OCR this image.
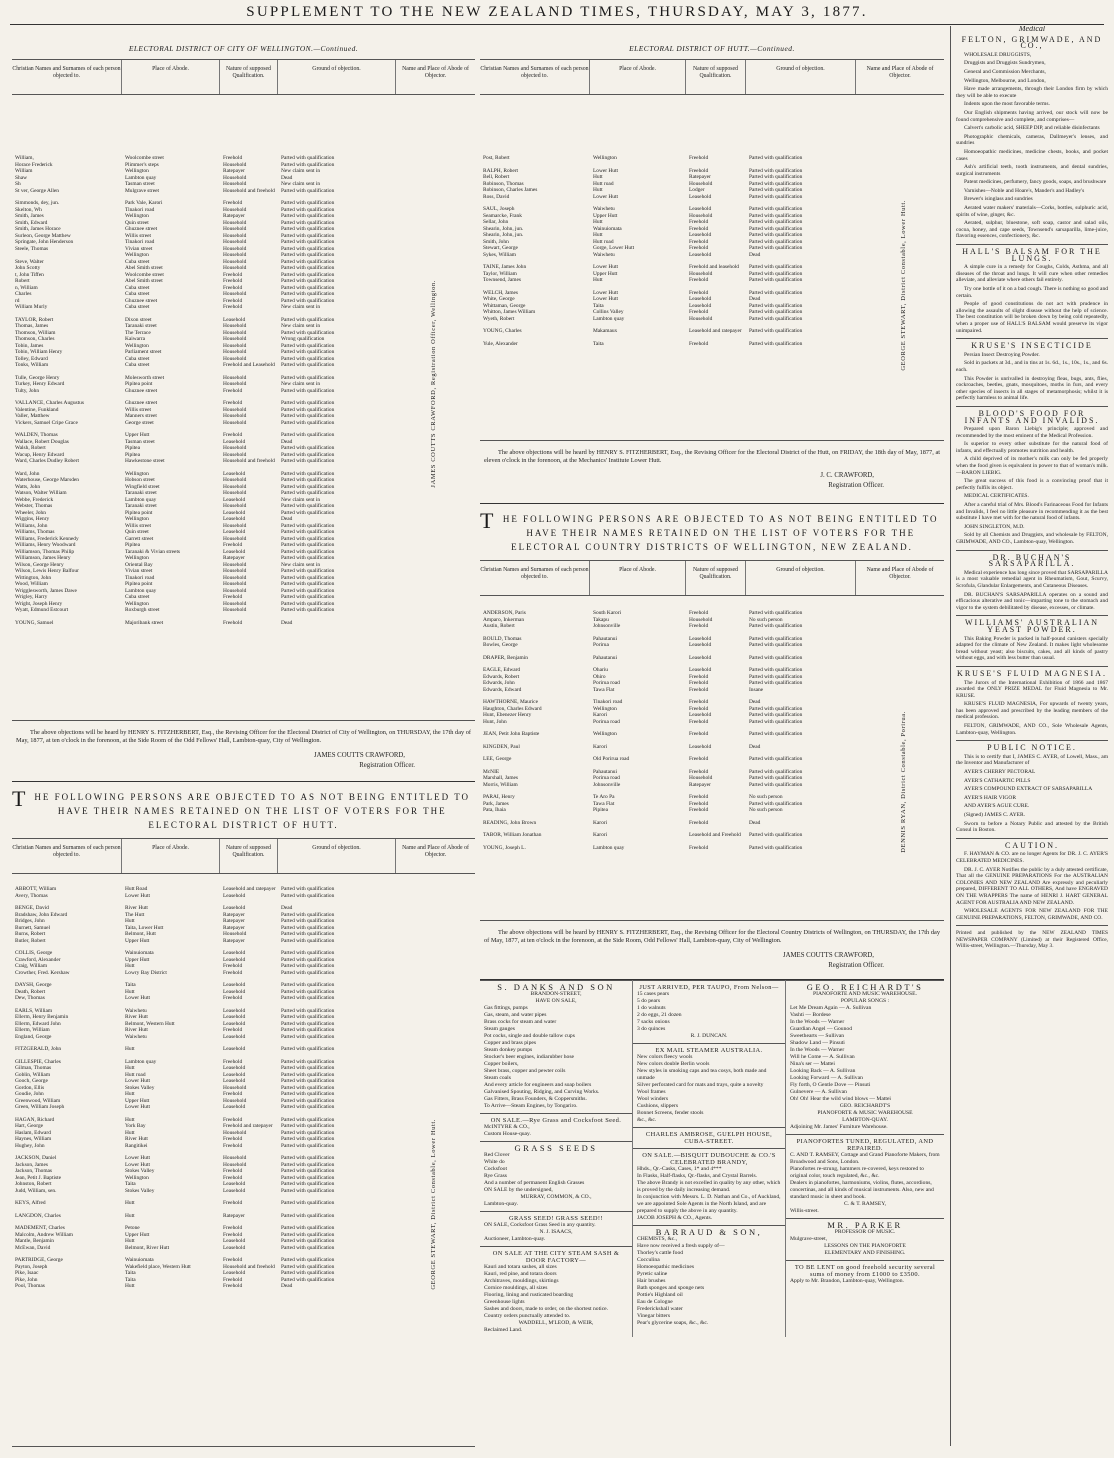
SUPPLEMENT TO THE NEW ZEALAND TIMES, THURSDAY, MAY 3, 1877.
ELECTORAL DISTRICT OF CITY OF WELLINGTON.—Continued.
Christian Names and Surnames of each person objected to.
Place of Abode.	Nature of supposed Qualification.
Ground of objection.	Name and Place of Abode of Objector.
William,	Woolcombe street	Freehold	Parted with qualification
Horace Frederick	Plimmer's steps	Household	Parted with qualification
William	Wellington	Ratepayer	New claim sent in
Shaw	Lambton quay	Household	Dead
Sh	Tasman street	Household	New claim sent in
St ver, George Allen	Mulgrave street	Household and freehold	Parted with qualification
Simmonds, dey, jun.	Park Vale, Karori	Freehold	Parted with qualification
Skelton, Wh	Tinakori road	Household	Parted with qualification
Smith, James	Wellington	Ratepayer	Parted with qualification
Smith, Edward	Quin street	Household	Parted with qualification
Smith, James Horace	Ghuznee street	Household	Parted with qualification
Surleon, George Matthew	Willis street	Household	Parted with qualification
Springate, John Henderson	Tinakori road	Household	Parted with qualification
Steele, Thomas	Vivian street	Household	Parted with qualification
Wellington	Household	Parted with qualification
Steve, Walter	Cuba street	Household	Parted with qualification
John Scotty	Abel Smith street	Household	Parted with qualification
t, John Tiffen	Woolcombe street	Freehold	Parted with qualification
Robert	Abel Smith street	Freehold	Parted with qualification
n, William	Cuba street	Freehold	Parted with qualification
Charles	Cuba street	Household	Parted with qualification
rd	Ghuznee street	Freehold	Parted with qualification
William Murly	Cuba street	Freehold	New claim sent in
TAYLOR, Robert	Dixon street	Leasehold	Parted with qualification
Thomas, James	Taranaki street	Household	New claim sent in
Thomson, William	The Terrace	Household	Parted with qualification
Thomson, Charles	Kaiwarra	Household	Wrong qualification
Tobin, James	Wellington	Household	Parted with qualification
Tobin, William Henry	Parliament street	Household	Parted with qualification
Tolley, Edward	Cuba street	Household	Parted with qualification
Tonks, William	Cuba street	Freehold and Leasehold	Parted with qualification
Tulle, George Henry	Molesworth street	Household	Parted with qualification
Turkey, Henry Edward	Pipitea point	Household	New claim sent in
Tulty, John	Ghuznee street	Freehold	Parted with qualification
VALLANCE, Charles Augustus	Ghuznee street	Freehold	Parted with qualification
Valentine, Funkland	Willis street	Household	Parted with qualification
Valler, Matthew	Manners street	Household	Parted with qualification
Vickers, Samuel Cripe Grace	George street	Household	Parted with qualification
WALDEN, Thomas	Upper Hutt	Freehold	Parted with qualification
Wallace, Robert Douglas	Tasman street	Leasehold	Dead
Walsh, Robert	Pipitea	Household	Parted with qualification
Wacup, Henry Edward	Pipitea	Household	Parted with qualification
Ward, Charles Dudley Robert	Hawkestone street	Household and freehold	Parted with qualification
Ward, John	Wellington	Leasehold	Parted with qualification
Waterhouse, George Marsden	Hobson street	Household	Parted with qualification
Watts, John	Wingfield street	Household	Parted with qualification
Watson, Walter William	Taranaki street	Household	Parted with qualification
Webbe, Frederick	Lambton quay	Leasehold	New claim sent in
Webster, Thomas	Taranaki street	Household	Parted with qualification
Wheeler, John	Pipitea point	Leasehold	Parted with qualification
Wiggins, Henry	Wellington	Leasehold	Dead
Williams, John	Willis street	Household	Parted with qualification
Williams, Thomas	Quin street	Leasehold	Parted with qualification
Williams, Frederick Kennedy	Garrett street	Household	Parted with qualification
Williams, Henry Woodward	Pipitea	Freehold	Parted with qualification
Williamson, Thomas Philip	Taranaki & Vivian streets	Leasehold	Parted with qualification
Williamson, James Henry	Wellington	Ratepayer	Parted with qualification
Wilson, George Henry	Oriental Bay	Household	New claim sent in
Wilson, Lewis Henry Balfour	Vivian street	Household	Parted with qualification
Wittington, John	Tinakori road	Household	Parted with qualification
Wood, William	Pipitea point	Household	Parted with qualification
Wrigglesworth, James Dawe	Lambton quay	Household	Parted with qualification
Wrigley, Harry	Cuba street	Freehold	Parted with qualification
Wright, Joseph Henry	Wellington	Household	Parted with qualification
Wyatt, Edmund Estcourt	Roxburgh street	Household	Parted with qualification
YOUNG, Samuel	Majoribank street	Freehold	Dead
JAMES COUTTS CRAWFORD, Registration Officer, Wellington.
The above objections will be heard by HENRY S. FITZHERBERT, Esq., the Revising Officer for the Electoral District of City of Wellington, on THURSDAY, the 17th day of May, 1877, at ten o'clock in the forenoon, at the Side Room of the Odd Fellows' Hall, Lambton-quay, City of Wellington.
JAMES COUTTS CRAWFORD,
Registration Officer.
T HE FOLLOWING PERSONS ARE OBJECTED TO AS NOT BEING ENTITLED TO HAVE THEIR NAMES RETAINED ON THE LIST OF VOTERS FOR THE ELECTORAL DISTRICT OF HUTT.
Christian Names and Surnames of each person objected to.
Place of Abode.	Nature of supposed Qualification.
Ground of objection.	Name and Place of Abode of Objector.
ABBOTT, William	Hutt Road	Leasehold and ratepayer Parted with qualification
Avery, Thomas	Lower Hutt	Leasehold	Parted with qualification
BENGE, David	River Hutt	Leasehold	Dead
Bradshaw, John Edward	The Hutt	Ratepayer	Parted with qualification
Bridges, John	Hutt	Ratepayer	Parted with qualification
Burnett, Samuel	Taita, Lower Hutt	Ratepayer	Parted with qualification
Burns, Robert	Belmont, Hutt	Household	Parted with qualification
Butler, Robert	Upper Hutt	Ratepayer	Parted with qualification
COLLIS, George	Wainuiomata	Leasehold	Parted with qualification
Crawford, Alexander	Upper Hutt	Leasehold	Parted with qualification
Craig, William	Hutt	Freehold	Parted with qualification
Crowther, Fred. Kershaw	Lowry Bay District	Freehold	Parted with qualification
DAYSH, George	Taita	Leasehold	Parted with qualification
Death, Robert	Hutt	Leasehold	Parted with qualification
Dew, Thomas	Lower Hutt	Freehold	Parted with qualification
EARLS, William	Waiwhetu	Leasehold	Parted with qualification
Ellerm, Henry Benjamin	River Hutt	Leasehold	Parted with qualification
Ellerm, Edward John	Belmont, Western Hutt	Leasehold	Parted with qualification
Ellerm, William	River Hutt	Freehold	Parted with qualification
England, George	Waiwhetu	Leasehold	Parted with qualification
FITZGERALD, John	Hutt	Leasehold	Parted with qualification
GILLESPIE, Charles	Lambton quay	Freehold	Parted with qualification
Gilman, Thomas	Hutt	Leasehold	Parted with qualification
Goblin, William	Hutt road	Leasehold	Parted with qualification
Gooch, George	Lower Hutt	Leasehold	Parted with qualification
Gordon, Ellis	Stokes Valley	Household	Parted with qualification
Goudie, John	Hutt	Freehold	Parted with qualification
Greenwood, William	Upper Hutt	Household	Parted with qualification
Green, William Joseph	Lower Hutt	Leasehold	Parted with qualification
HAGAN, Richard	Hutt	Freehold	Parted with qualification
Hart, George	York Bay	Freehold and ratepayer	Parted with qualification
Haslam, Edward	Hutt	Household	Parted with qualification
Haynes, William	River Hutt	Freehold	Parted with qualification
Hughey, John	Rangitikei	Freehold	Parted with qualification
JACKSON, Daniel	Lower Hutt	Household	Parted with qualification
Jackson, James	Lower Hutt	Household	Parted with qualification
Jackson, Thomas	Stokes Valley	Freehold	Parted with qualification
Jean, Petit J. Baptiste	Wellington	Freehold	Parted with qualification
Johnston, Robert	Taita	Leasehold	Parted with qualification
Judd, William, sen.	Stokes Valley	Leasehold	Parted with qualification
KEYS, Alfred	Hutt	Freehold	Parted with qualification
LANGDON, Charles	Hutt	Ratepayer	Parted with qualification
MADEMENT, Charles	Petone	Freehold	Parted with qualification
Malcolm, Andrew William	Upper Hutt	Freehold	Parted with qualification
Mantle, Benjamin	Hutt	Leasehold	Parted with qualification
McEwan, David	Belmont, River Hutt	Leasehold	Parted with qualification
PARTRIDGE, George	Wainuiomata	Freehold	Parted with qualification
Payton, Joseph	Wakefield place, Western Hutt	Household and freehold	Parted with qualification
Pike, Isaac	Taita	Leasehold	Parted with qualification
Pike, John	Taita	Freehold	Parted with qualification
Pool, Thomas	Hutt	Freehold	Dead	GEORGE STEWART, District Constable, Lower Hutt.
ELECTORAL DISTRICT OF HUTT.—Continued.
Christian Names and Surnames of each person objected to.
Place of Abode.	Nature of supposed Qualification.
Ground of objection.	Name and Place of Abode of Objector.
Post, Robert	Wellington	Freehold	Parted with qualification
RALPH, Robert	Lower Hutt	Freehold	Parted with qualification
Bell, Robert	Hutt	Ratepayer	Parted with qualification
Robinson, Thomas	Hutt road	Household	Parted with qualification
Robinson, Charles James	Hutt	Lodger	Parted with qualification
Ross, David	Lower Hutt	Leasehold	Parted with qualification
SAUL, Joseph	Waiwhetu	Leasehold	Parted with qualification
Seamarcke, Frank	Upper Hutt	Household	Parted with qualification
Sellar, John	Hutt	Freehold	Parted with qualification
Shearin, John, jun.	Wainuiomata	Freehold	Parted with qualification
Shearin, John, jun.	Hutt	Leasehold	Parted with qualification
Smith, John	Hutt road	Freehold	Parted with qualification
Stewart, George	Gorge, Lower Hutt	Freehold	Parted with qualification
Sykes, William	Waiwhetu	Leasehold	Dead
TAINE, James John	Lower Hutt	Freehold and leasehold	Parted with qualification
Taylor, William	Upper Hutt	Household	Parted with qualification
Townsend, James	Hutt	Freehold	Parted with qualification
WELCH, James	Lower Hutt	Freehold	Parted with qualification
White, George	Lower Hutt	Leasehold	Dead
Whittaman, George	Taita	Leasehold	Parted with qualification
Whitton, James William	Collins Valley	Freehold	Parted with qualification
Wyeth, Robert	Lambton quay	Household	Parted with qualification
YOUNG, Charles	Makamaux	Leasehold and ratepayer	Parted with qualification
Yule, Alexander	Taita	Freehold	Parted with qualification	GEORGE STEWART, District Constable, Lower Hutt.
The above objections will be heard by HENRY S. FITZHERBERT, Esq., the Revising Officer for the Electoral District of the Hutt, on FRIDAY, the 18th day of May, 1877, at eleven o'clock in the forenoon, at the Mechanics' Institute Lower Hutt.
J. C. CRAWFORD,
Registration Officer.
T HE FOLLOWING PERSONS ARE OBJECTED TO AS NOT BEING ENTITLED TO HAVE THEIR NAMES RETAINED ON THE LIST OF VOTERS FOR THE ELECTORAL COUNTRY DISTRICTS OF WELLINGTON, NEW ZEALAND.
Christian Names and Surnames of each person objected to.
Place of Abode.	Nature of supposed Qualification.
Ground of objection.	Name and Place of Abode of Objector.
ANDERSON, Paris	South Karori	Freehold	Parted with qualification
Amparo, Inkerman	Takapu	Household	No such person
Austin, Robert	Johnsonville	Freehold	Parted with qualification
BOULD, Thomas	Pahautanui	Leasehold	Parted with qualification
Bowles, George	Porirua	Leasehold	Parted with qualification
DRAPER, Benjamin	Pahautanui	Leasehold	Parted with qualification
EAGLE, Edward	Ohariu	Leasehold	Parted with qualification
Edwards, Robert	Ohiro	Freehold	Parted with qualification
Edwards, John	Porirua road	Freehold	Parted with qualification
Edwards, Edward	Tawa Flat	Freehold	Insane
HAWTHORNE, Maurice	Tinakori road	Freehold	Dead
Haughton, Charles Edward	Wellington	Freehold	Parted with qualification
Hunt, Ebenezer Henry	Karori	Leasehold	Parted with qualification
Hunt, John	Porirua road	Freehold	Parted with qualification
JEAN, Petit John Baptiste	Wellington	Freehold	Parted with qualification
KINGDEN, Paul	Karori	Leasehold	Dead
LEE, George	Old Porirua road	Freehold	Parted with qualification
McNIE	Pahautanui	Freehold	Parted with qualification
Marshall, James	Porirua road	Household	Parted with qualification
Morris, William	Johnsonville	Ratepayer	Parted with qualification
PARAI, Henry	Te Aro Pa	Freehold	No such person
Park, James	Tawa Flat	Freehold	Parted with qualification
Pata, Ihaia	Pipitea	Freehold	No such person
READING, John Brown	Karori	Freehold	Dead
TABOR, William Jonathan	Karori	Leasehold and Freehold	Parted with qualification
YOUNG, Joseph L.	Lambton quay	Freehold	Parted with qualification	DENNIS RYAN, District Constable, Porirua.
The above objections will be heard by HENRY S. FITZHERBERT, Esq., the Revising Officer for the Electoral Country Districts of Wellington, on THURSDAY, the 17th day of May, 1877, at ten o'clock in the forenoon, at the Side Room, Odd Fellows' Hall, Lambton-quay, City of Wellington.
JAMES COUTTS CRAWFORD,
Registration Officer.
S. DANKS AND SON
BRANDON-STREET,
HAVE ON SALE,
Gas fittings, pumps
Gas, steam, and water pipes
Brass cocks for steam and water
Steam gauges
Pot cocks, single and double tallow cups
Copper and brass pipes
Steam donkey pumps
Stocker's beer engines, indiarubber hose
Copper boilers,
Sheet brass, copper and pewter coils
Steam coals
And every article for engineers and soap boilers
Galvanised Spouting, Ridging, and Curving Works.
Gas Fitters, Brass Founders, & Coppersmiths.
To Arrive—Steam Engines, by Tongariro.
ON SALE.—Rye Grass and Cocksfoot Seed.
McINTYRE & CO.,
Custom House-quay.
GRASS SEEDS
Red Clover
White do
Cocksfoot
Rye Grass
And a number of permanent English Grasses
ON SALE by the undersigned,
MURRAY, COMMON, & CO.,
Lambton-quay.
GRASS SEED! GRASS SEED!!
ON SALE, Cocksfoot Grass Seed in any quantity.
N. J. ISAACS,
Auctioneer, Lambton-quay.
ON SALE AT THE CITY STEAM SASH & DOOR FACTORY—
Kauri and totara sashes, all sizes
Kauri, red pine, and totara doors
Architraves, mouldings, skirtings
Cornice mouldings, all sizes
Flooring, lining and rusticated boarding
Greenhouse lights
Sashes and doors, made to order, on the shortest notice.
Country orders punctually attended to.
WADDELL, M'LEOD, & WEIR,
Reclaimed Land.
JUST ARRIVED, PER TAUPO, From Nelson—
15 cases pears
5 do pears
1 do walnuts
2 do eggs, 21 dozen
7 sacks onions
3 do quinces
R. J. DUNCAN.
EX MAIL STEAMER AUSTRALIA.
New colors fleecy wools
New colors double Berlin wools
New styles in smoking caps and tea cosys, both made and unmade
Silver perforated card for mats and trays, quite a novelty
Wool frames
Wool winders
Cushions, slippers
Bonnet Screens, fender stools
&c., &c.
CHARLES AMBROSE, GUELPH HOUSE, CUBA-STREET.
ON SALE.—BISQUIT DUBOUCHE & CO.'S CELEBRATED BRANDY,
Hhds., Qr.-Casks, Cases, 1* and 4***
In Flasks, Half-flasks, Qr.-flasks, and Crystal Barrels.
The above Brandy is not excelled in quality by any other, which is proved by the daily increasing demand.
In conjunction with Messrs. L. D. Nathan and Co., of Auckland, we are appointed Sole Agents in the North Island, and are prepared to supply the above in any quantity.
JACOB JOSEPH & CO., Agents.
BARRAUD & SON,
CHEMISTS, &c.,
Have now received a fresh supply of—
Thorley's cattle food
Cocculina
Homoeopathic medicines
Pyretic saline
Hair brushes
Bath sponges and sponge nets
Pottie's Highland oil
Eau de Cologne
Frederickshall water
Vinegar bitters
Pear's glycerine soaps, &c., &c.
GEO. REICHARDT'S
PIANOFORTE AND MUSIC WAREHOUSE.
POPULAR SONGS :
Let Me Dream Again — A. Sullivan
Vashti — Bordese
In the Woods — Warner
Guardian Angel — Gounod
Sweethearts — Sullivan
Shadow Land — Pinsuti
In the Woods — Warner
Will he Come — A. Sullivan
Nina's ser — Mattei
Looking Back — A. Sullivan
Looking Forward — A. Sullivan
Fly forth, O Gentle Dove — Pinsuti
Gulnevere — A. Sullivan
Oh! Oh! Hear the wild wind blows — Mattei
GEO. REICHARDT'S
PIANOFORTE & MUSIC WAREHOUSE
LAMBTON-QUAY.
Adjoining Mr. James' Furniture Warehouse.
PIANOFORTES TUNED, REGULATED, AND REPAIRED.
C. AND T. RAMSEY, Cottage and Grand Pianoforte Makers, from Broadwood and Sons, London.
Pianofortes re-strung, hammers re-covered, keys restored to original color, touch regulated, &c., &c.
Dealers in pianofortes, harmoniums, violins, flutes, accordions, concertinas, and all kinds of musical instruments. Also, new and standard music in sheet and book.
C. & T. RAMSEY,
Willis-street.
MR. PARKER
PROFESSOR OF MUSIC.
Mulgrave-street,
LESSONS ON THE PIANOFORTE
ELEMENTARY AND FINISHING.
TO BE LENT on good freehold security several sums of money from £1000 to £3500.
Apply to Mr. Brandon, Lambton-quay, Wellington.
Medical
FELTON, GRIMWADE, AND CO.,

WHOLESALE DRUGGISTS,

Druggists and Druggists Sundrymen,

General and Commission Merchants,

Wellington, Melbourne, and London,

Have made arrangements, through their London firm by which they will be able to execute

Indents upon the most favorable terms.

Our English shipments having arrived, our stock will now be found comprehensive and complete, and comprises—

Calvert's carbolic acid, SHEEP DIP, and reliable disinfectants

Photographic chemicals, cameras, Dallmeyer's lenses, and sundries

Homoeopathic medicines, medicine chests, books, and pocket cases

Ash's artificial teeth, tooth instruments, and dental sundries, surgical instruments

Patent medicines, perfumery, fancy goods, soaps, and brushware

Varnishes—Noble and Hoare's, Mander's and Hadley's

Brewer's isinglass and sundries

Aerated water makers' materials—Corks, bottles, sulphuric acid, spirits of wine, ginger, &c.

Aerated, sulphur, bluestone, soft soap, castor and salad oils, cocoa, honey, and cape seeds, Townsend's sarsaparilla, lime-juice, flavoring essences, confectionery, &c.

HALL'S BALSAM FOR THE LUNGS.

A simple cure in a remedy for Coughs, Colds, Asthma, and all diseases of the throat and lungs. It will cure when other remedies alleviate, and alleviate where others fail entirely.

Try one bottle of it on a bad cough. There is nothing so good and certain.

People of good constitutions do not act with prudence in allowing the assaults of slight disease without the help of science. The best constitution will be broken down by being cold repeatedly, when a proper use of HALL'S BALSAM would preserve its vigor unimpaired.

KRUSE'S INSECTICIDE

Persian Insect Destroying Powder.

Sold in packets at 3d., and in tins at 1s. 6d., 1s., 10s., 1s., and 6s. each.

This Powder is unrivalled in destroying fleas, bugs, ants, flies, cockroaches, beetles, gnats, mosquitoes, moths in furs, and every other species of insects in all stages of metamorphosis; whilst it is perfectly harmless to animal life.

BLOOD'S FOOD FOR INFANTS AND INVALIDS.

Prepared upon Baron Liebig's principle; approved and recommended by the most eminent of the Medical Profession.

Is superior to every other substitute for the natural food of infants, and effectually promotes nutrition and health.

A child deprived of its mother's milk can only be fed properly when the food given is equivalent in power to that of woman's milk.—BARON LIEBIG.

The great success of this food is a convincing proof that it perfectly fulfils its object.

MEDICAL CERTIFICATES.

After a careful trial of Mrs. Blood's Farinaceous Food for Infants and Invalids, I feel no little pleasure in recommending it as the best substitute I have met with for the natural food of infants.

JOHN SINGLETON, M.D.

Sold by all Chemists and Druggists, and wholesale by FELTON, GRIMWADE, AND CO., Lambton-quay, Wellington.

DR. BUCHAN'S SARSAPARILLA.

Medical experience has long since proved that SARSAPARILLA is a most valuable remedial agent in Rheumatism, Gout, Scurvy, Scrofula, Glandular Enlargements, and Cutaneous Diseases.

DR. BUCHAN'S SARSAPARILLA operates on a sound and efficacious alterative and tonic—imparting tone to the stomach and vigor to the system debilitated by disease, excesses, or climate.

WILLIAMS' AUSTRALIAN YEAST POWDER.

This Baking Powder is packed in half-pound canisters specially adapted for the climate of New Zealand. It makes light wholesome bread without yeast; also biscuits, cakes, and all kinds of pastry without eggs, and with less butter than usual.

KRUSE'S FLUID MAGNESIA.

The Jurors of the International Exhibition of 1866 and 1867 awarded the ONLY PRIZE MEDAL for Fluid Magnesia to Mr. KRUSE.

KRUSE'S FLUID MAGNESIA, For upwards of twenty years, has been approved and prescribed by the leading members of the medical profession.

FELTON, GRIMWADE, AND CO., Sole Wholesale Agents, Lambton-quay, Wellington.

PUBLIC NOTICE.

This is to certify that I, JAMES C. AYER, of Lowell, Mass., am the Inventor and Manufacturer of

AYER'S CHERRY PECTORAL

AYER'S CATHARTIC PILLS

AYER'S COMPOUND EXTRACT OF SARSAPARILLA

AYER'S HAIR VIGOR

AND AYER'S AGUE CURE.

(Signed) JAMES C. AYER.

Sworn to before a Notary Public and attested by the British Consul in Boston.

CAUTION.

F. HAYMAN & CO. are no longer Agents for DR. J. C. AYER'S CELEBRATED MEDICINES.

DR. J. C. AYER Notifies the public by a duly attested certificate, That all the GENUINE PREPARATIONS For the AUSTRALIAN COLONIES AND NEW ZEALAND Are expressly and peculiarly prepared, DIFFERENT TO ALL OTHERS, And have ENGRAVED ON THE WRAPPERS The name of HENRI J. HART GENERAL AGENT FOR AUSTRALIA AND NEW ZEALAND.

WHOLESALE AGENTS FOR NEW ZEALAND FOR THE GENUINE PREPARATIONS, FELTON, GRIMWADE, AND CO.

Printed and published by the NEW ZEALAND TIMES NEWSPAPER COMPANY (Limited) at their Registered Office, Willis-street, Wellington.—Thursday, May 3.
